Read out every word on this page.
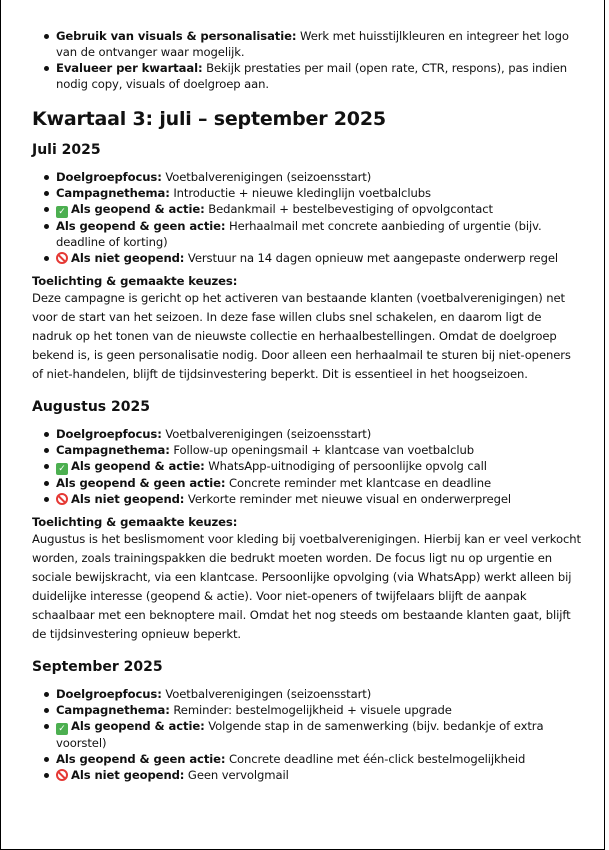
Gebruik van visuals & personalisatie: Werk met huisstijlkleuren en integreer het logo van de ontvanger waar mogelijk.
Evalueer per kwartaal: Bekijk prestaties per mail (open rate, CTR, respons), pas indien nodig copy, visuals of doelgroep aan.
Kwartaal 3: juli – september 2025
Juli 2025
Doelgroepfocus: Voetbalverenigingen (seizoensstart)
Campagnethema: Introductie + nieuwe kledinglijn voetbalclubs
✓ Als geopend & actie: Bedankmail + bestelbevestiging of opvolgcontact
Als geopend & geen actie: Herhaalmail met concrete aanbieding of urgentie (bijv. deadline of korting)
Als niet geopend: Verstuur na 14 dagen opnieuw met aangepaste onderwerp regel
Toelichting & gemaakte keuzes:

Deze campagne is gericht op het activeren van bestaande klanten (voetbalverenigingen) net voor de start van het seizoen. In deze fase willen clubs snel schakelen, en daarom ligt de nadruk op het tonen van de nieuwste collectie en herhaalbestellingen. Omdat de doelgroep bekend is, is geen personalisatie nodig. Door alleen een herhaalmail te sturen bij niet-openers of niet-handelen, blijft de tijdsinvestering beperkt. Dit is essentieel in het hoogseizoen.

Augustus 2025
Doelgroepfocus: Voetbalverenigingen (seizoensstart)
Campagnethema: Follow-up openingsmail + klantcase van voetbalclub
✓ Als geopend & actie: WhatsApp-uitnodiging of persoonlijke opvolg call
Als geopend & geen actie: Concrete reminder met klantcase en deadline
Als niet geopend: Verkorte reminder met nieuwe visual en onderwerpregel
Toelichting & gemaakte keuzes:

Augustus is het beslismoment voor kleding bij voetbalverenigingen. Hierbij kan er veel verkocht worden, zoals trainingspakken die bedrukt moeten worden. De focus ligt nu op urgentie en sociale bewijskracht, via een klantcase. Persoonlijke opvolging (via WhatsApp) werkt alleen bij duidelijke interesse (geopend & actie). Voor niet-openers of twijfelaars blijft de aanpak schaalbaar met een beknoptere mail. Omdat het nog steeds om bestaande klanten gaat, blijft de tijdsinvestering opnieuw beperkt.

September 2025
Doelgroepfocus: Voetbalverenigingen (seizoensstart)
Campagnethema: Reminder: bestelmogelijkheid + visuele upgrade
✓ Als geopend & actie: Volgende stap in de samenwerking (bijv. bedankje of extra voorstel)
Als geopend & geen actie: Concrete deadline met één-click bestelmogelijkheid
Als niet geopend: Geen vervolgmail
